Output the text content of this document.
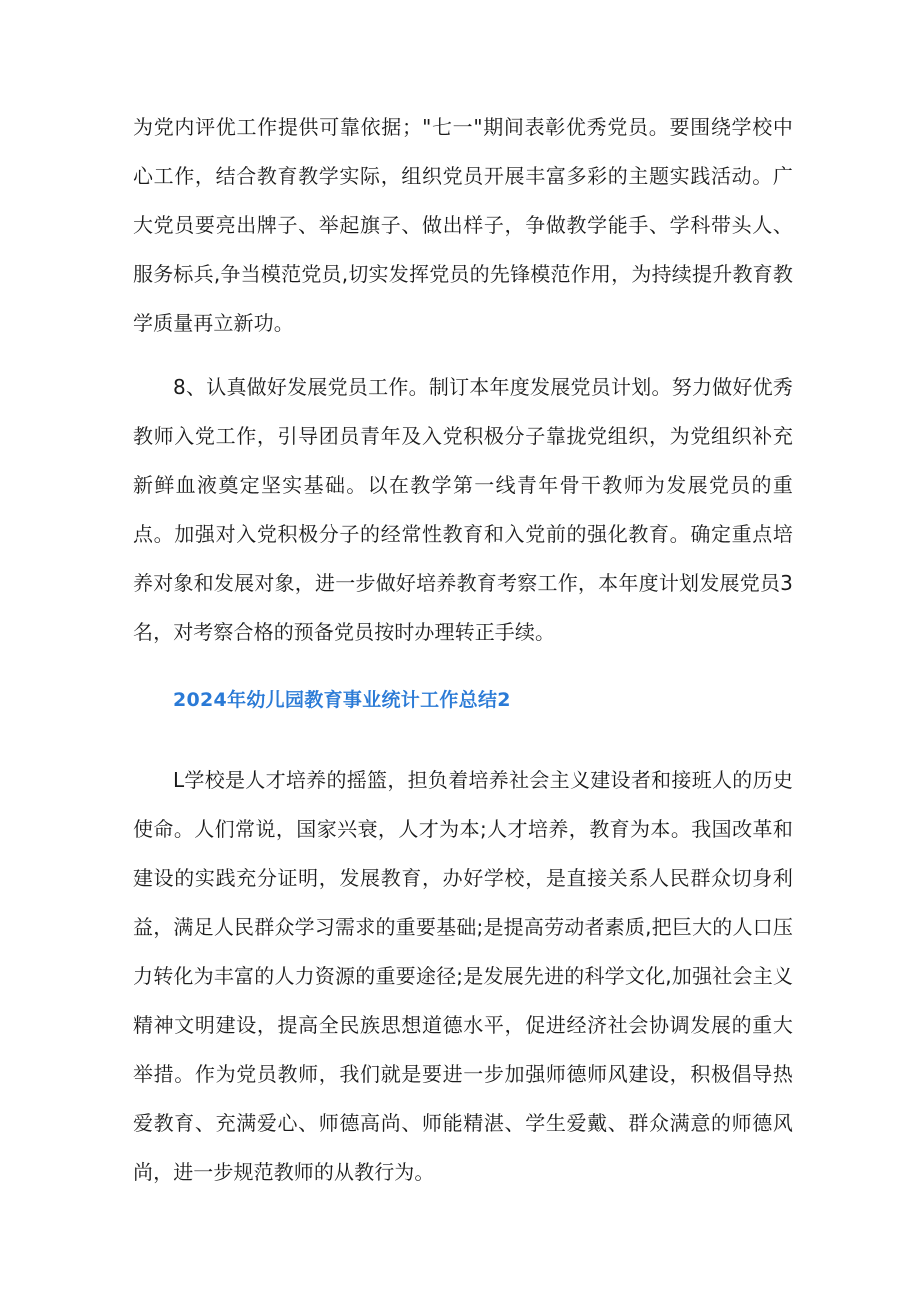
为党内评优工作提供可靠依据；"七一"期间表彰优秀党员。要围绕学校中心工作，结合教育教学实际，组织党员开展丰富多彩的主题实践活动。广大党员要亮出牌子、举起旗子、做出样子，争做教学能手、学科带头人、服务标兵,争当模范党员,切实发挥党员的先锋模范作用，为持续提升教育教学质量再立新功。

8、认真做好发展党员工作。制订本年度发展党员计划。努力做好优秀教师入党工作，引导团员青年及入党积极分子靠拢党组织，为党组织补充新鲜血液奠定坚实基础。以在教学第一线青年骨干教师为发展党员的重点。加强对入党积极分子的经常性教育和入党前的强化教育。确定重点培养对象和发展对象，进一步做好培养教育考察工作，本年度计划发展党员3名，对考察合格的预备党员按时办理转正手续。

2024年幼儿园教育事业统计工作总结2

L学校是人才培养的摇篮，担负着培养社会主义建设者和接班人的历史使命。人们常说，国家兴衰，人才为本;人才培养，教育为本。我国改革和建设的实践充分证明，发展教育，办好学校，是直接关系人民群众切身利益，满足人民群众学习需求的重要基础;是提高劳动者素质,把巨大的人口压力转化为丰富的人力资源的重要途径;是发展先进的科学文化,加强社会主义精神文明建设，提高全民族思想道德水平，促进经济社会协调发展的重大举措。作为党员教师，我们就是要进一步加强师德师风建设，积极倡导热爱教育、充满爱心、师德高尚、师能精湛、学生爱戴、群众满意的师德风尚，进一步规范教师的从教行为。
